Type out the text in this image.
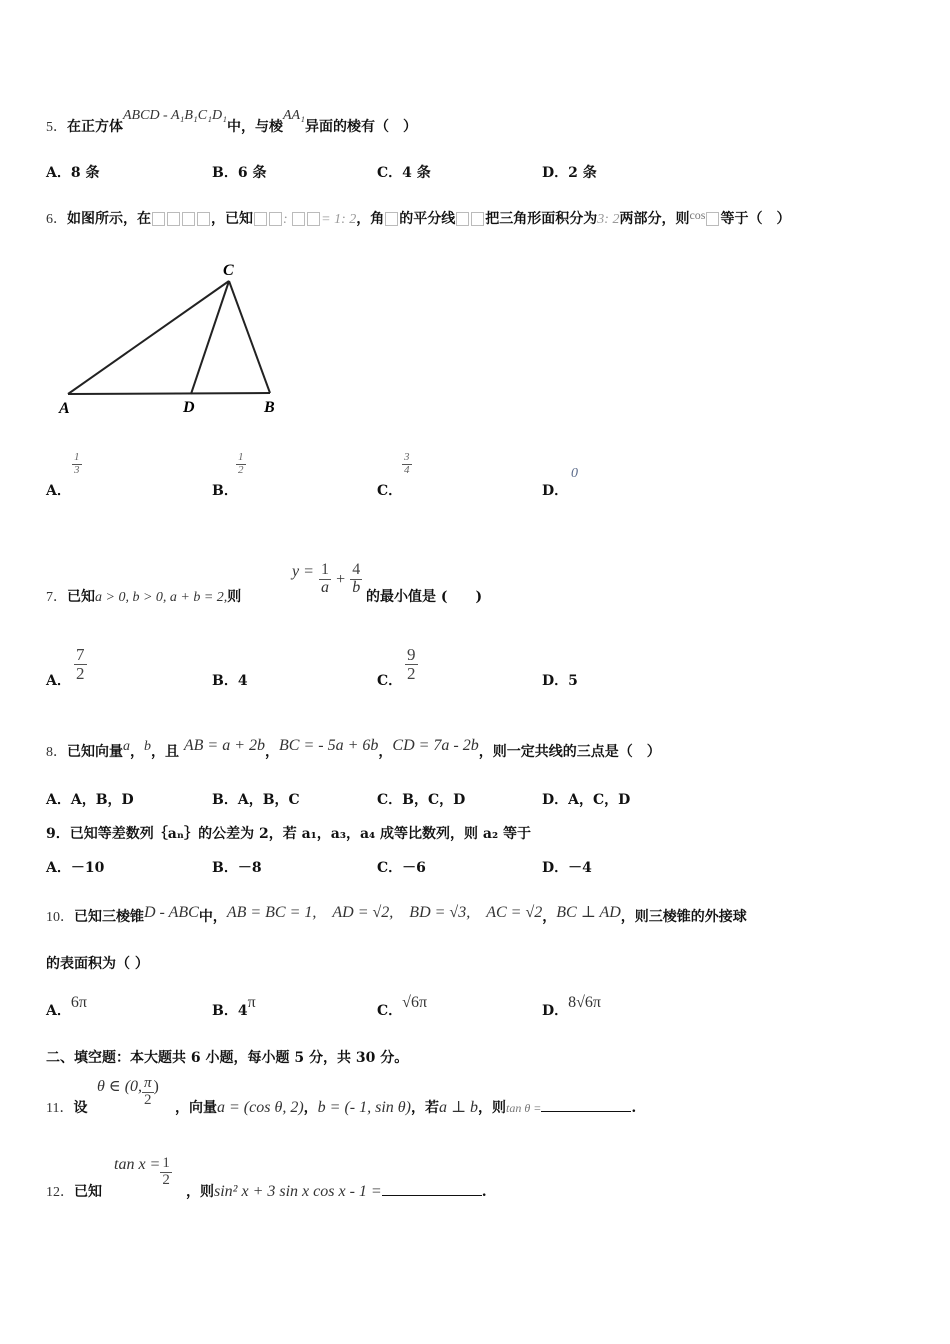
5．在正方体ABCD - A₁B₁C₁D₁中，与棱AA₁异面的棱有（　）
A．8 条	B．6 条	C．4 条	D．2 条
6．如图所示，在	，已知 : = 1: 2，角 的平分线 把三角形面积分为3: 2两部分，则cos 等于（　）
A	D	B
C
A．
$\frac{1}{3}$
B．
$\frac{1}{2}$
C．
$\frac{3}{4}$
D．
0
7．已知a > 0, b > 0, a + b = 2,则
$y = \frac{1}{a} + \frac{4}{b}$
的最小值是 (　　)
A． $\frac{7}{2}$	B．4	C． $\frac{9}{2}$	D．5
8．已知向量a，b，且 AB = a + 2b，BC = - 5a + 6b，CD = 7a - 2b，则一定共线的三点是（　）
A．A，B，D	B．A，B，C	C．B，C，D	D．A，C，D
9．已知等差数列｛aₙ｝的公差为 2，若 a₁，a₃，a₄ 成等比数列，则 a₂ 等于
A．－10	B．－8	C．－6	D．－4
10．已知三棱锥D - ABC中，AB = BC = 1,　AD = √2,　BD = √3,　AC = √2，BC ⊥ AD，则三棱锥的外接球
的表面积为（ ）
A．6π	B．4π	C．√6π	D．8√6π
二、填空题：本大题共 6 小题，每小题 5 分，共 30 分。
11．设
θ ∈ (0, $\frac{\pi}{2}$ )
，向量a = (cos θ, 2)，b = (- 1, sin θ)，若a ⊥ b，则tan θ =	.
12．已知
$\tan x = \frac{1}{2}$
，则sin² x + 3 sin x cos x - 1 =	.
